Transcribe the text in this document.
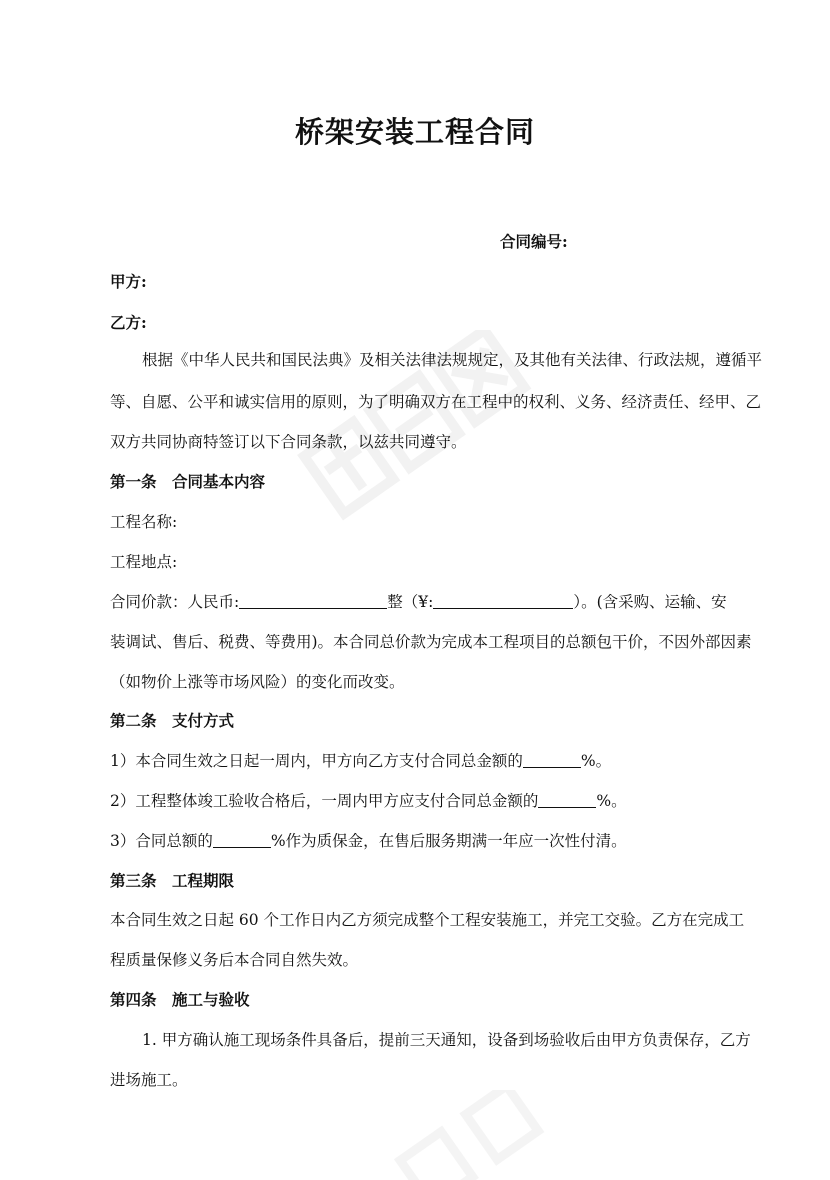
桥架安装工程合同
合同编号:
甲方:
乙方:
根据《中华人民共和国民法典》及相关法律法规规定，及其他有关法律、行政法规，遵循平
等、自愿、公平和诚实信用的原则，为了明确双方在工程中的权利、义务、经济责任、经甲、乙
双方共同协商特签订以下合同条款，以兹共同遵守。
第一条　合同基本内容
工程名称:
工程地点:
合同价款：人民币:	整（¥:	）。(含采购、运输、安
装调试、售后、税费、等费用)。本合同总价款为完成本工程项目的总额包干价，不因外部因素
（如物价上涨等市场风险）的变化而改变。
第二条　支付方式
1）本合同生效之日起一周内，甲方向乙方支付合同总金额的	%。
2）工程整体竣工验收合格后，一周内甲方应支付合同总金额的	%。
3）合同总额的	%作为质保金，在售后服务期满一年应一次性付清。
第三条　工程期限
本合同生效之日起 60 个工作日内乙方须完成整个工程安装施工，并完工交验。乙方在完成工
程质量保修义务后本合同自然失效。
第四条　施工与验收
1. 甲方确认施工现场条件具备后，提前三天通知，设备到场验收后由甲方负责保存，乙方
进场施工。
